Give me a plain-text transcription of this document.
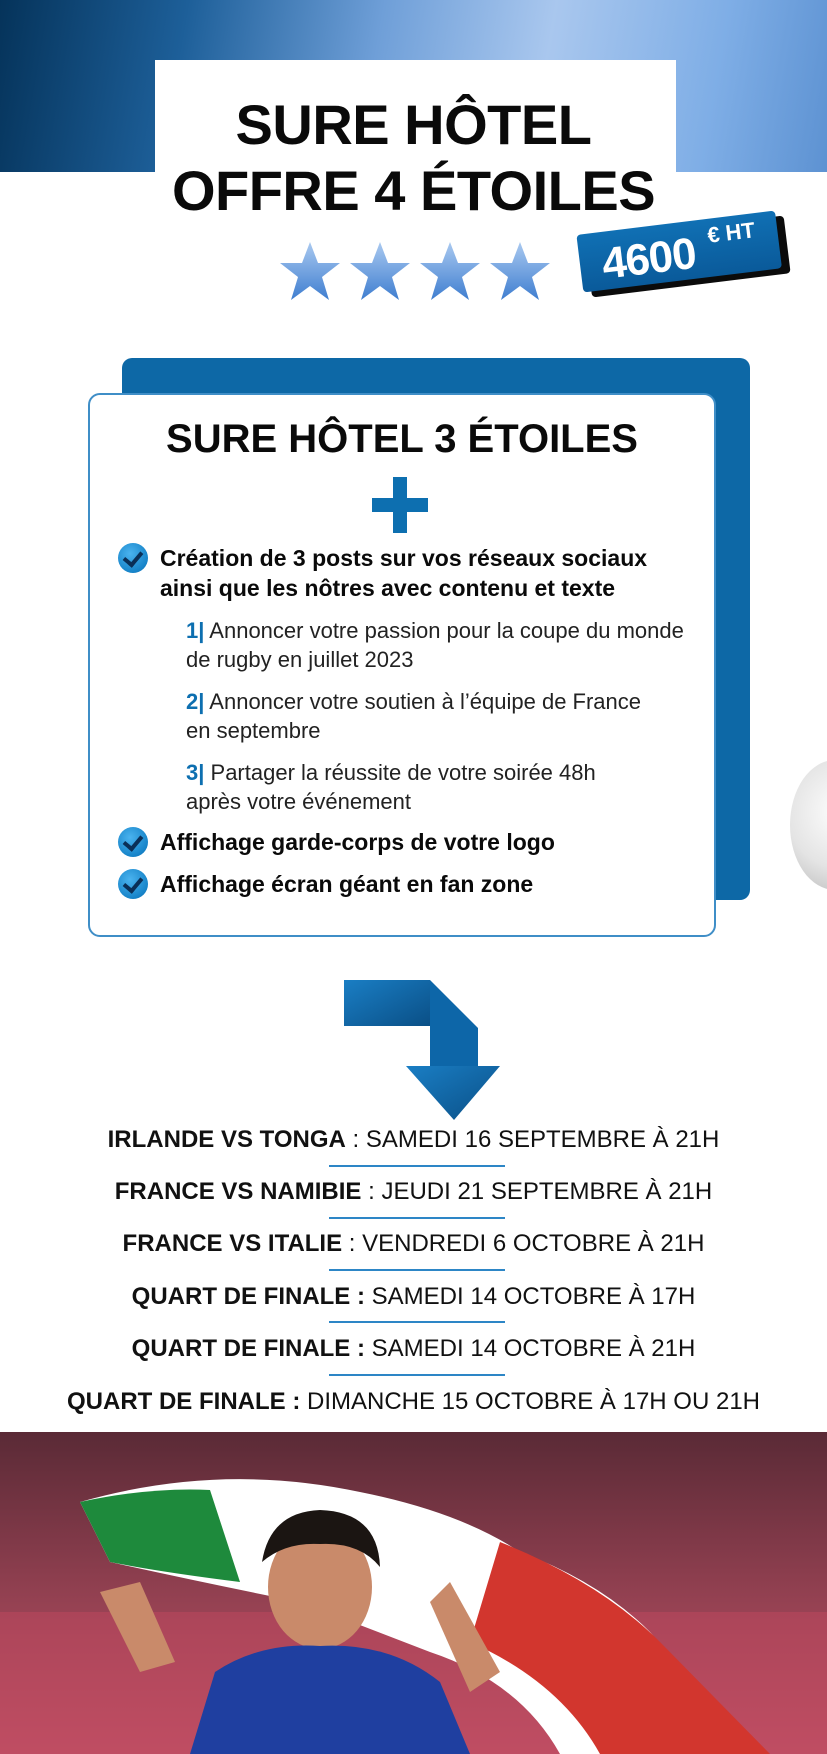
SURE HÔTEL
OFFRE 4 ÉTOILES
4600 € HT
SURE HÔTEL 3 ÉTOILES
Création de 3 posts sur vos réseaux sociaux ainsi que les nôtres avec contenu et texte
1| Annoncer votre passion pour la coupe du monde de rugby en juillet 2023
2| Annoncer votre soutien à l’équipe de France en septembre
3| Partager la réussite de votre soirée 48h après votre événement
Affichage garde-corps de votre logo
Affichage écran géant en fan zone
IRLANDE VS TONGA : SAMEDI 16 SEPTEMBRE À 21H
FRANCE VS NAMIBIE : JEUDI 21 SEPTEMBRE À 21H
FRANCE VS ITALIE : VENDREDI 6 OCTOBRE À 21H
QUART DE FINALE : SAMEDI 14 OCTOBRE À 17H
QUART DE FINALE : SAMEDI 14 OCTOBRE À 21H
QUART DE FINALE : DIMANCHE 15 OCTOBRE À 17H OU 21H
